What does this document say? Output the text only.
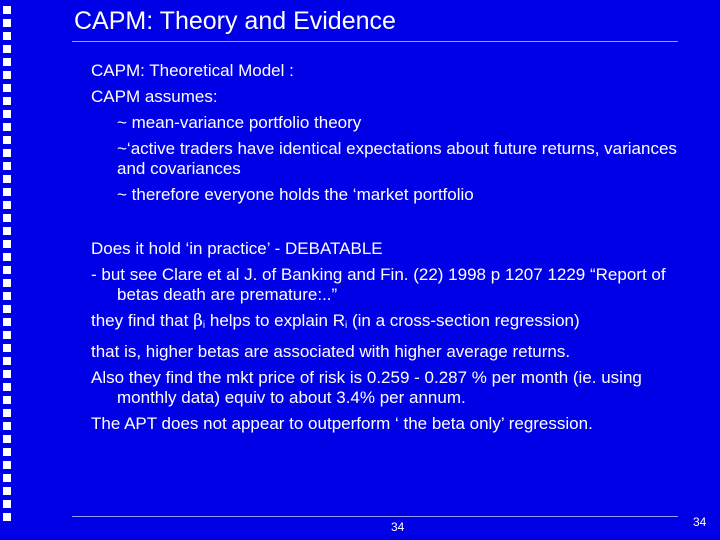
CAPM: Theory and Evidence
CAPM: Theoretical Model :
CAPM assumes:
~ mean-variance portfolio theory
~‘active traders have identical expectations about future returns, variances and covariances
~ therefore everyone holds the ‘market portfolio
Does it hold ‘in practice’ - DEBATABLE
- but see Clare et al J. of Banking and Fin. (22) 1998 p 1207 1229 “Report of betas death are premature:..”
they find that $\beta_i$ helps to explain $R_i$ (in a cross-section regression)
that is, higher betas are associated with higher average returns.
Also they find the mkt price of risk is 0.259 - 0.287 % per month (ie. using monthly data) equiv to about 3.4% per annum.
The APT does not appear to outperform ‘ the beta only’ regression.
34	34
